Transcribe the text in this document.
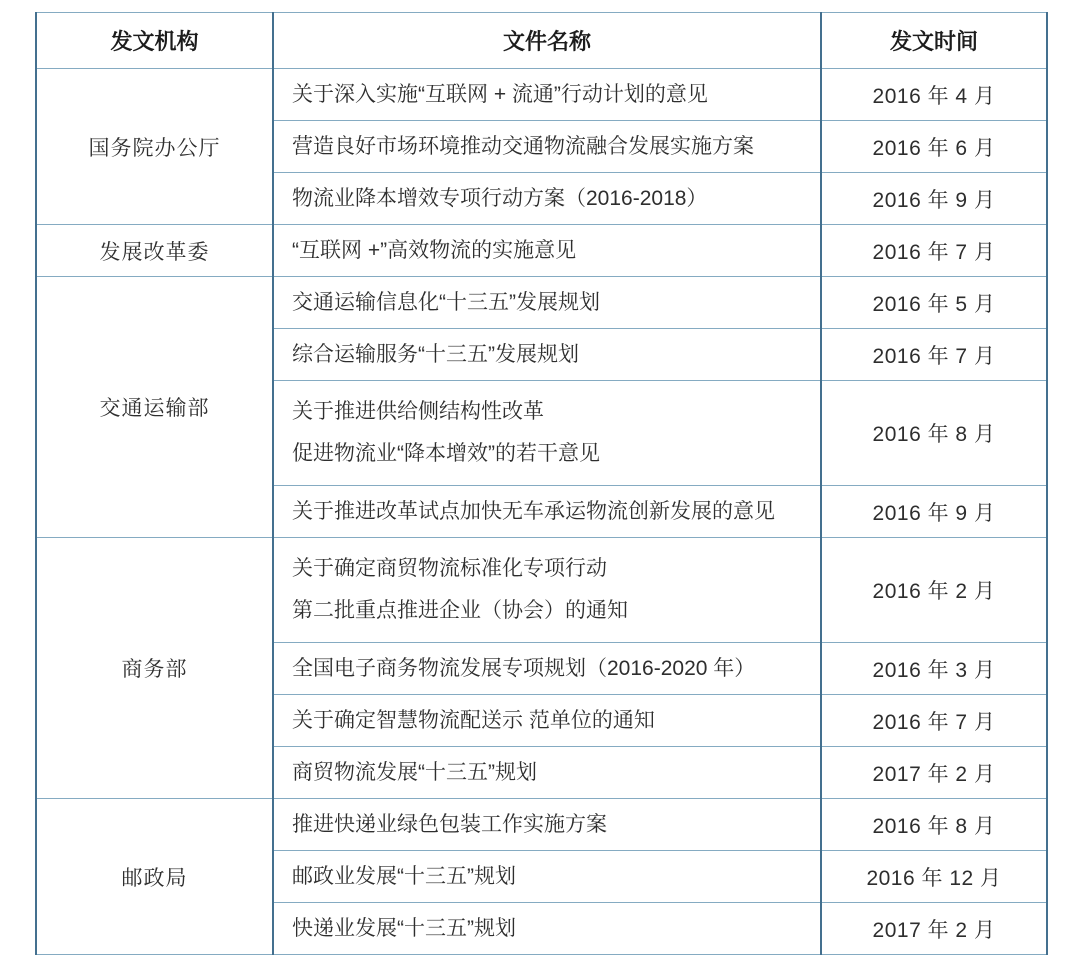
发文机构	文件名称	发文时间
国务院办公厅	关于深入实施“互联网 + 流通”行动计划的意见	2016 年 4 月

	营造良好市场环境推动交通物流融合发展实施方案	2016 年 6 月

	物流业降本增效专项行动方案（2016-2018）	2016 年 9 月
发展改革委	“互联网 +”高效物流的实施意见	2016 年 7 月
交通运输部	交通运输信息化“十三五”发展规划	2016 年 5 月

	综合运输服务“十三五”发展规划	2016 年 7 月

	关于推进供给侧结构性改革
促进物流业“降本增效”的若干意见	2016 年 8 月

	关于推进改革试点加快无车承运物流创新发展的意见	2016 年 9 月
商务部	关于确定商贸物流标准化专项行动
第二批重点推进企业（协会）的通知	2016 年 2 月

	全国电子商务物流发展专项规划（2016-2020 年）	2016 年 3 月

	关于确定智慧物流配送示 范单位的通知	2016 年 7 月

	商贸物流发展“十三五”规划	2017 年 2 月
邮政局	推进快递业绿色包装工作实施方案	2016 年 8 月

	邮政业发展“十三五”规划	2016 年 12 月

	快递业发展“十三五”规划	2017 年 2 月
